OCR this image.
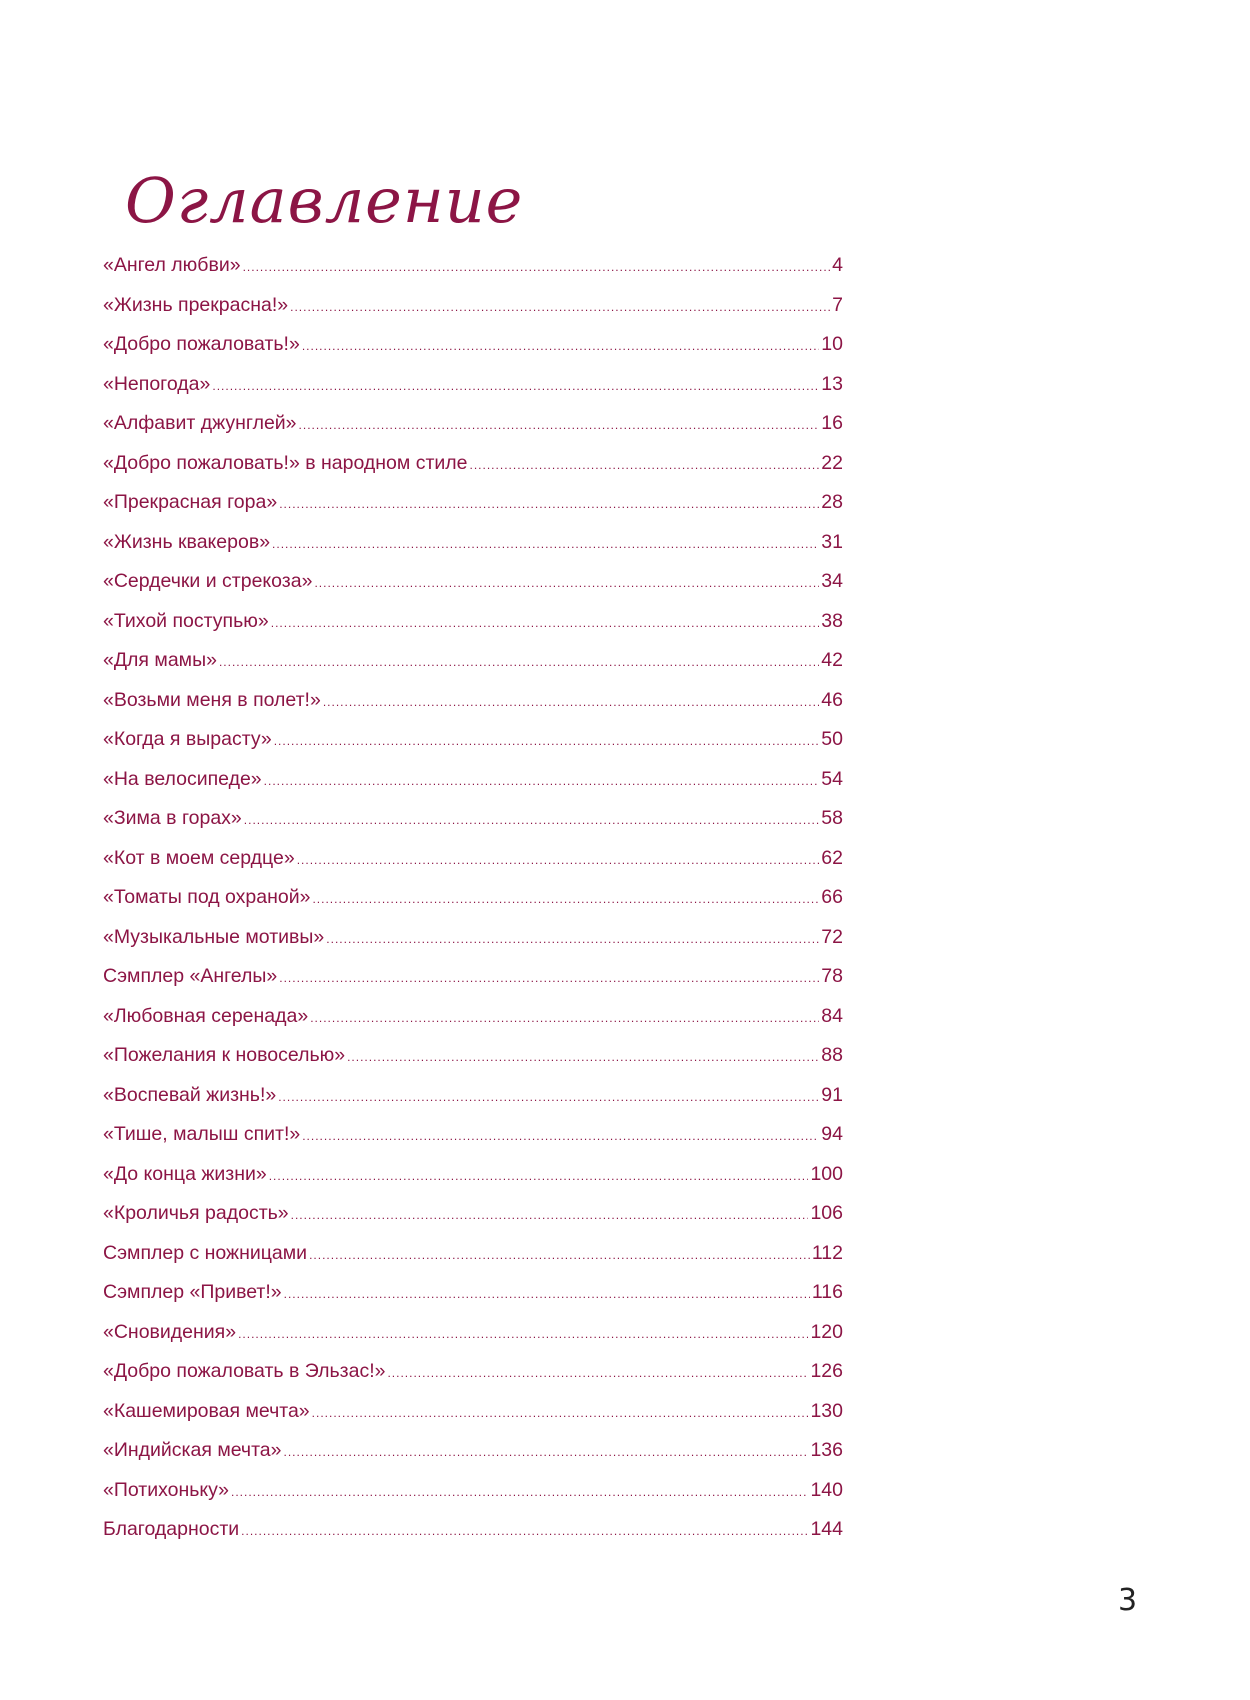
Оглавление
«Ангел любви» .....	4
«Жизнь прекрасна!» .....	7
«Добро пожаловать!» .....	10
«Непогода» .....	13
«Алфавит джунглей» .....	16
«Добро пожаловать!» в народном стиле .....	22
«Прекрасная гора» .....	28
«Жизнь квакеров» .....	31
«Сердечки и стрекоза» .....	34
«Тихой поступью» .....	38
«Для мамы» .....	42
«Возьми меня в полет!» .....	46
«Когда я вырасту» .....	50
«На велосипеде» .....	54
«Зима в горах» .....	58
«Кот в моем сердце» .....	62
«Томаты под охраной» .....	66
«Музыкальные мотивы» .....	72
Сэмплер «Ангелы» .....	78
«Любовная серенада» .....	84
«Пожелания к новоселью» .....	88
«Воспевай жизнь!» .....	91
«Тише, малыш спит!» .....	94
«До конца жизни» .....	100
«Кроличья радость» .....	106
Сэмплер с ножницами .....	112
Сэмплер «Привет!» .....	116
«Сновидения» .....	120
«Добро пожаловать в Эльзас!» .....	126
«Кашемировая мечта» .....	130
«Индийская мечта» .....	136
«Потихоньку» .....	140
Благодарности .....	144
3
